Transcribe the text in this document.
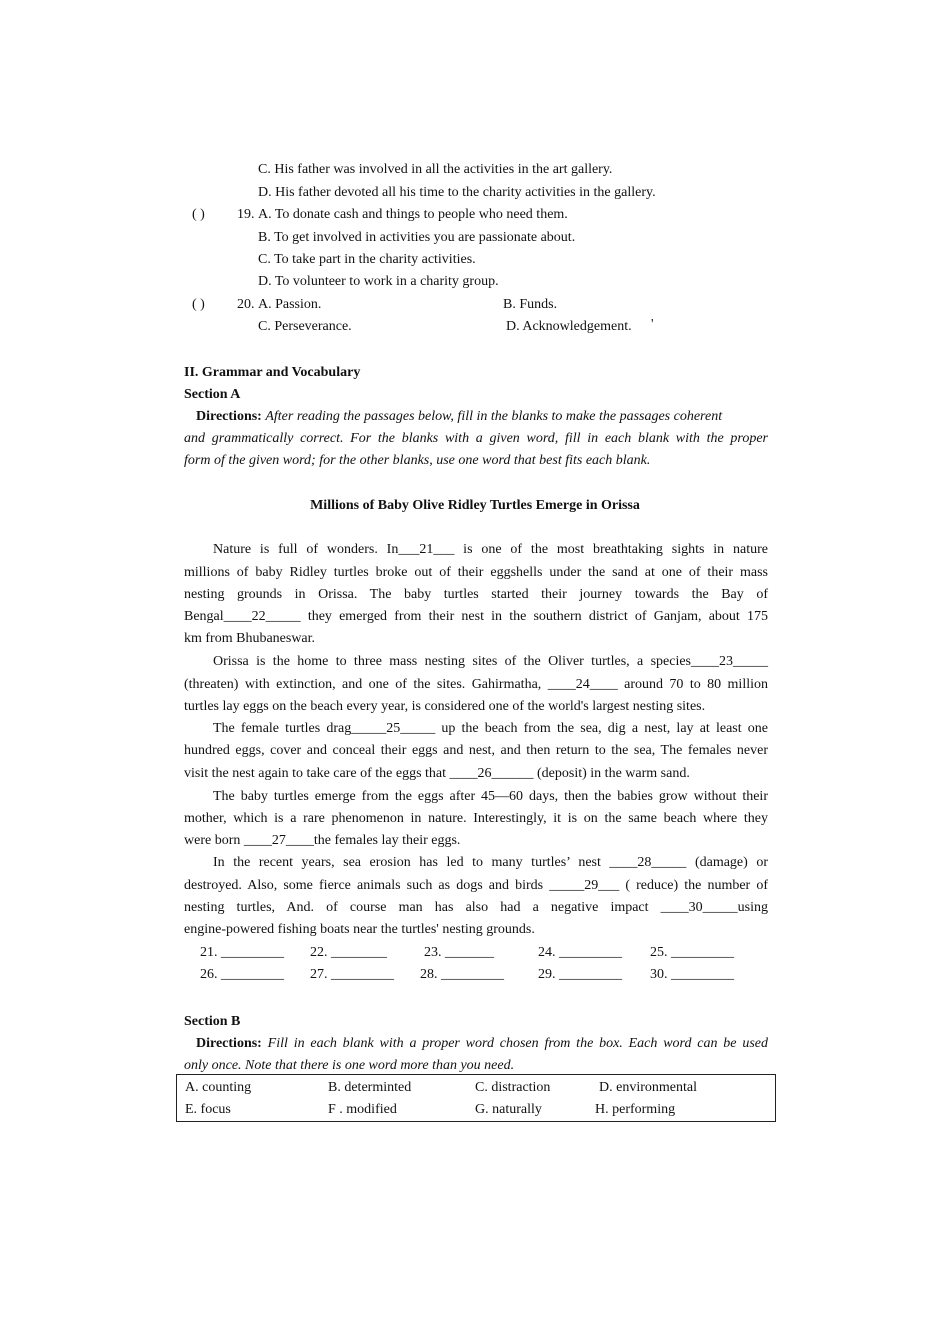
C. His father was involved in all the activities in the art gallery.
D. His father devoted all his time to the charity activities in the gallery.
( ) 19. A. To donate cash and things to people who need them.
B. To get involved in activities you are passionate about.
C. To take part in the charity activities.
D. To volunteer to work in a charity group.
( ) 20. A. Passion.	B. Funds.
C. Perseverance.	D. Acknowledgement. '
II. Grammar and Vocabulary
Section A
Directions: After reading the passages below, fill in the blanks to make the passages coherent
and grammatically correct. For the blanks with a given word, fill in each blank with the proper
form of the given word; for the other blanks, use one word that best fits each blank.
Millions of Baby Olive Ridley Turtles Emerge in Orissa
Nature is full of wonders. In___21___ is one of the most breathtaking sights in nature
millions of baby Ridley turtles broke out of their eggshells under the sand at one of their mass
nesting grounds in Orissa. The baby turtles started their journey towards the Bay of
Bengal____22_____ they emerged from their nest in the southern district of Ganjam, about 175
km from Bhubaneswar.
Orissa is the home to three mass nesting sites of the Oliver turtles, a species____23_____
(threaten) with extinction, and one of the sites. Gahirmatha, ____24____ around 70 to 80 million
turtles lay eggs on the beach every year, is considered one of the world's largest nesting sites.
The female turtles drag_____25_____ up the beach from the sea, dig a nest, lay at least one
hundred eggs, cover and conceal their eggs and nest, and then return to the sea, The females never
visit the nest again to take care of the eggs that ____26______ (deposit) in the warm sand.
The baby turtles emerge from the eggs after 45—60 days, then the babies grow without their
mother, which is a rare phenomenon in nature. Interestingly, it is on the same beach where they
were born ____27____the females lay their eggs.
In the recent years, sea erosion has led to many turtles’ nest ____28_____ (damage) or
destroyed. Also, some fierce animals such as dogs and birds _____29___ ( reduce) the number of
nesting turtles, And. of course man has also had a negative impact ____30_____using
engine-powered fishing boats near the turtles' nesting grounds.
21. _________ 22. ________	23. _______	24. _________ 25. _________
26. _________ 27. _________ 28. _________ 29. _________ 30. _________
Section B
Directions: Fill in each blank with a proper word chosen from the box. Each word can be used
only once. Note that there is one word more than you need.
A. counting	B. determinted	C. distraction	D. environmental
E. focus	F . modified	G. naturally	H. performing
